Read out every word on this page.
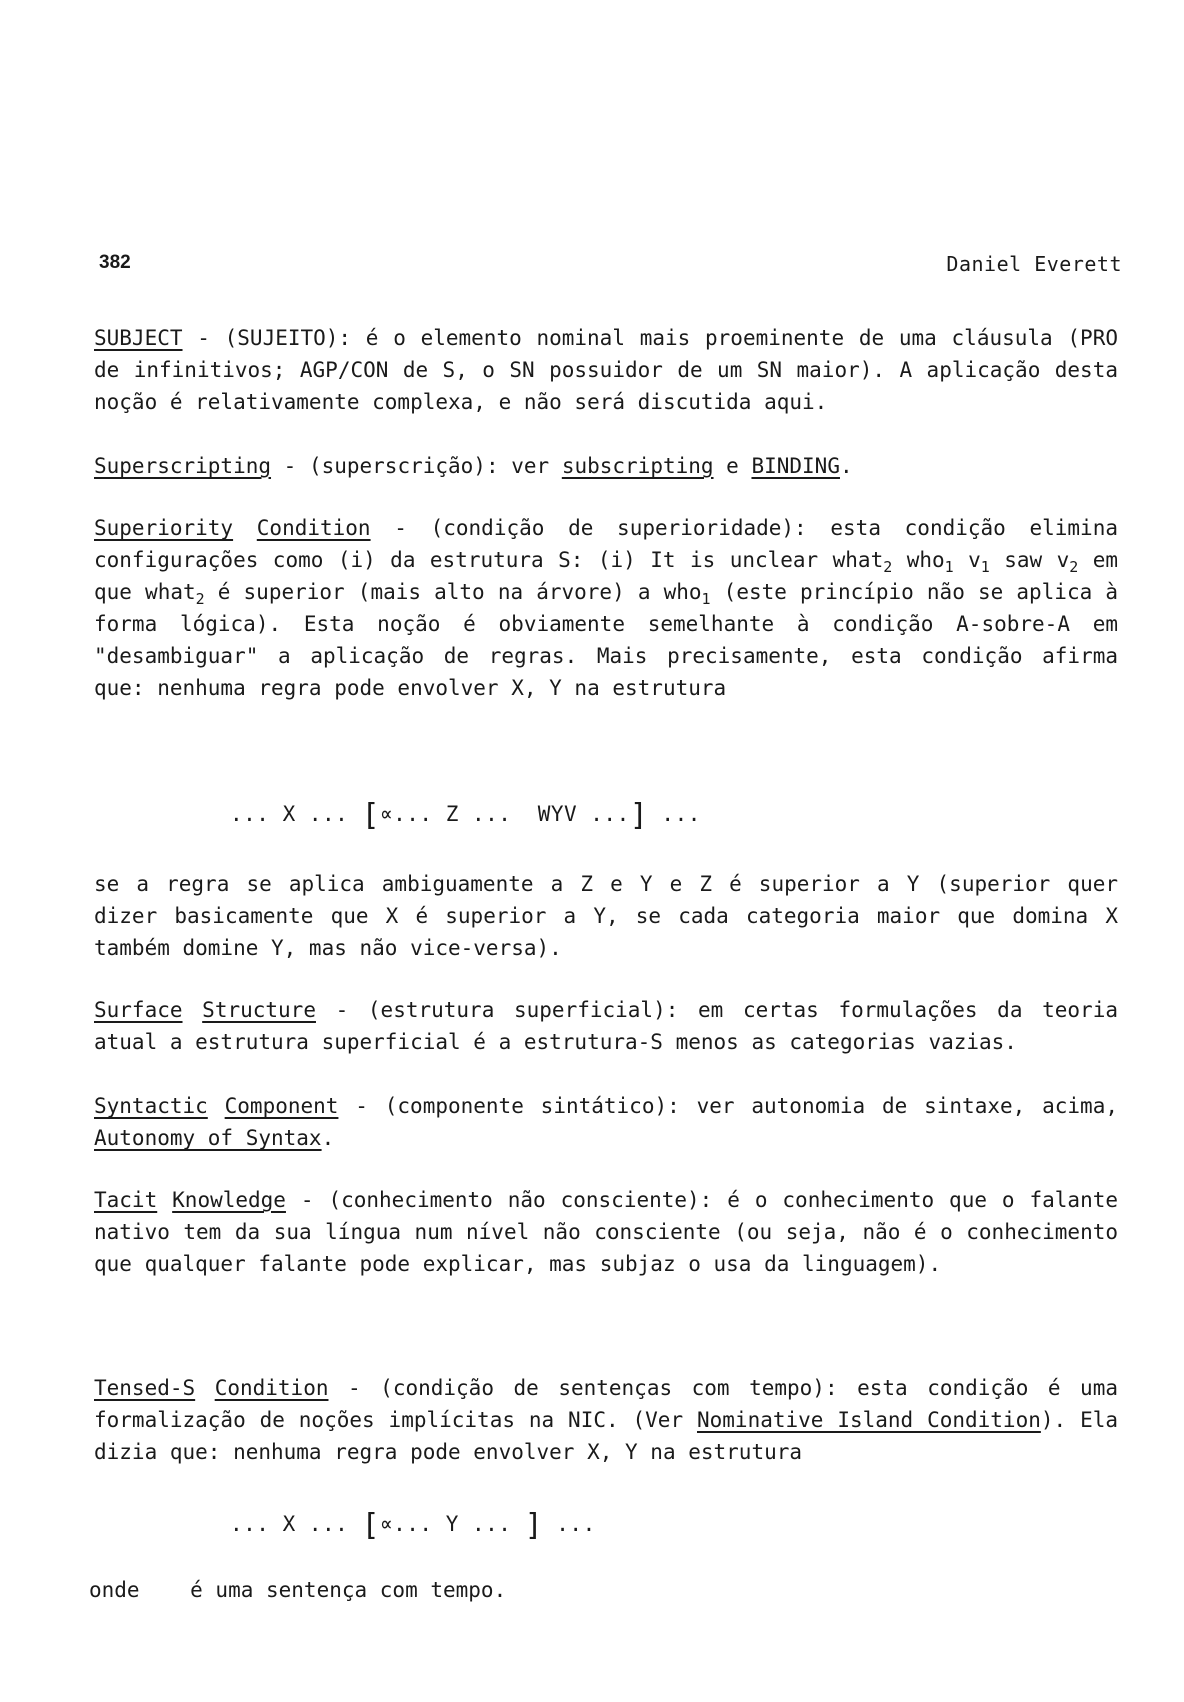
382	Daniel Everett
SUBJECT - (SUJEITO): é o elemento nominal mais proeminente de uma cláusula (PRO de infinitivos; AGP/CON de S, o SN possuidor de um SN maior). A aplicação desta noção é relativamente complexa, e não será discutida aqui.
Superscripting - (superscrição): ver subscripting e BINDING.
Superiority Condition - (condição de superioridade): esta condição elimina configurações como (i) da estrutura S: (i) It is unclear what$_2$ who$_1$ $v_1$ saw $v_2$ em que what$_2$ é superior (mais alto na árvore) a who$_1$ (este princípio não se aplica à forma lógica). Esta noção é obviamente semelhante à condição A-sobre-A em "desambiguar" a aplicação de regras. Mais precisamente, esta condição afirma que: nenhuma regra pode envolver X, Y na estrutura
... X ... [∝... Z ...  WYV ...] ...
se a regra se aplica ambiguamente a Z e Y e Z é superior a Y (superior quer dizer basicamente que X é superior a Y, se cada categoria maior que domina X também domine Y, mas não vice-versa).
Surface Structure - (estrutura superficial): em certas formulações da teoria atual a estrutura superficial é a estrutura-S menos as categorias vazias.
Syntactic Component - (componente sintático): ver autonomia de sintaxe, acima, Autonomy of Syntax.
Tacit Knowledge - (conhecimento não consciente): é o conhecimento que o falante nativo tem da sua língua num nível não consciente (ou seja, não é o conhecimento que qualquer falante pode explicar, mas subjaz o usa da linguagem).
Tensed-S Condition - (condição de sentenças com tempo): esta condição é uma formalização de noções implícitas na NIC. (Ver Nominative Island Condition). Ela dizia que: nenhuma regra pode envolver X, Y na estrutura
... X ... [∝... Y ... ] ...
onde    é uma sentença com tempo.
